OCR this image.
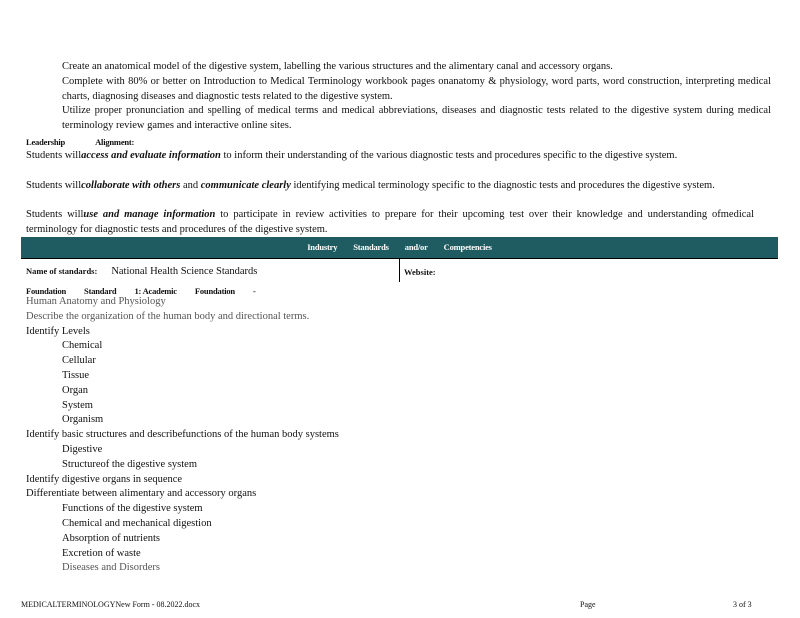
Create an anatomical model of the digestive system, labelling the various structures and the alimentary canal and accessory organs.
Complete with 80% or better on Introduction to Medical Terminology workbook pages onanatomy & physiology, word parts, word construction, interpreting medical charts, diagnosing diseases and diagnostic tests related to the digestive system.
Utilize proper pronunciation and spelling of medical terms and medical abbreviations, diseases and diagnostic tests related to the digestive system during medical terminology review games and interactive online sites.
Leadership	Alignment:
Students willaccess and evaluate information to inform their understanding of the various diagnostic tests and procedures specific to the digestive system.
Students willcollaborate with others and communicate clearly identifying medical terminology specific to the diagnostic tests and procedures the digestive system.
Students willuse and manage information to participate in review activities to prepare for their upcoming test over their knowledge and understanding ofmedical terminology for diagnostic tests and procedures of the digestive system.
Industry Standards and/or Competencies
Name of standards: National Health Science Standards	Website:
Foundation Standard 1: Academic Foundation -
Human Anatomy and Physiology
Describe the organization of the human body and directional terms.
Identify Levels
Chemical
Cellular
Tissue
Organ
System
Organism
Identify basic structures and describefunctions of the human body systems
Digestive
Structureof the digestive system
Identify digestive organs in sequence
Differentiate between alimentary and accessory organs
Functions of the digestive system
Chemical and mechanical digestion
Absorption of nutrients
Excretion of waste
Diseases and Disorders
MEDICALTERMINOLOGYNew Form - 08.2022.docx	Page	3 of 3
